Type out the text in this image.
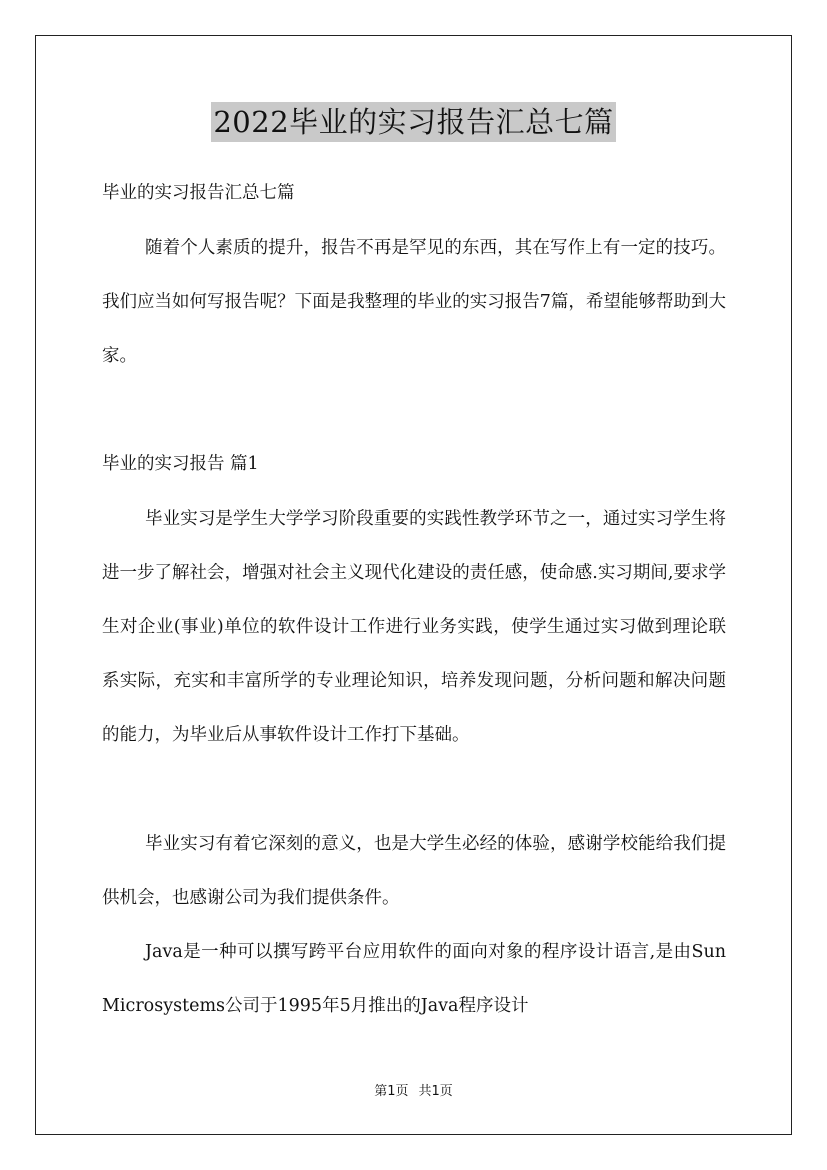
2022毕业的实习报告汇总七篇
毕业的实习报告汇总七篇

随着个人素质的提升，报告不再是罕见的东西，其在写作上有一定的技巧。我们应当如何写报告呢？下面是我整理的毕业的实习报告7篇，希望能够帮助到大家。

毕业的实习报告 篇1

毕业实习是学生大学学习阶段重要的实践性教学环节之一，通过实习学生将进一步了解社会，增强对社会主义现代化建设的责任感，使命感.实习期间,要求学生对企业(事业)单位的软件设计工作进行业务实践，使学生通过实习做到理论联系实际，充实和丰富所学的专业理论知识，培养发现问题，分析问题和解决问题的能力，为毕业后从事软件设计工作打下基础。

毕业实习有着它深刻的意义，也是大学生必经的体验，感谢学校能给我们提供机会，也感谢公司为我们提供条件。

Java是一种可以撰写跨平台应用软件的面向对象的程序设计语言,是由Sun Microsystems公司于1995年5月推出的Java程序设计

第1页 共1页
